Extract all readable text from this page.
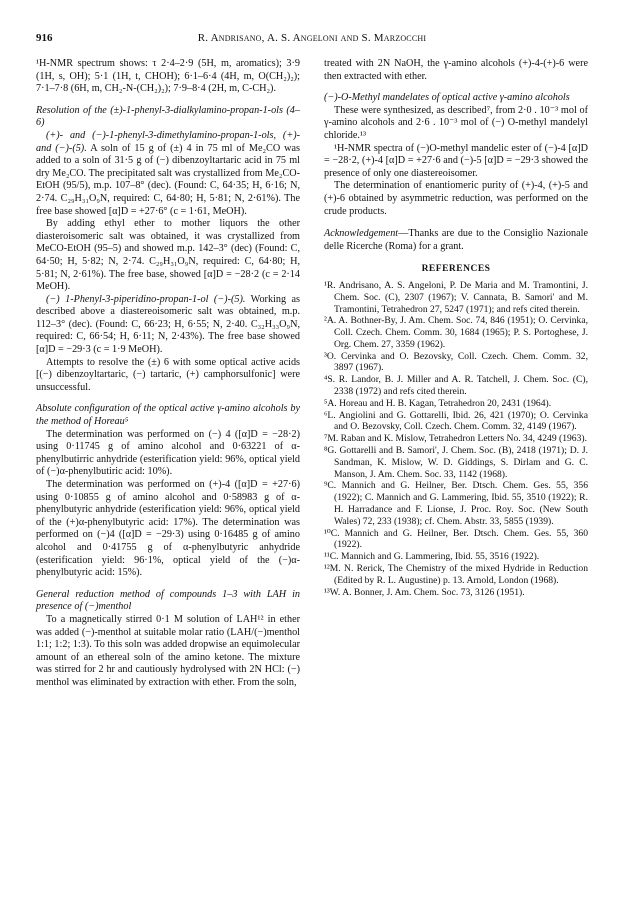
916	R. Andrisano, A. S. Angeloni and S. Marzocchi

¹H-NMR spectrum shows: τ 2·4–2·9 (5H, m, aromatics); 3·9 (1H, s, OH); 5·1 (1H, t, CHOH); 6·1–6·4 (4H, m, O(CH₂)₂); 7·1–7·8 (6H, m, CH₂-N-(CH₂)₂); 7·9–8·4 (2H, m, C-CH₂).

Resolution of the (±)-1-phenyl-3-dialkylamino-propan-1-ols (4–6)

(+)- and (−)-1-phenyl-3-dimethylamino-propan-1-ols, (+)- and (−)-(5). A soln of 15 g of (±) 4 in 75 ml of Me₂CO was added to a soln of 31·5 g of (−) dibenzoyltartaric acid in 75 ml dry Me₂CO. The precipitated salt was crystallized from Me₂CO-EtOH (95/5), m.p. 107–8° (dec). (Found: C, 64·35; H, 6·16; N, 2·74. C₂₉H₃₁O₉N, required: C, 64·80; H, 5·81; N, 2·61%). The free base showed [α]D = +27·6° (c = 1·61, MeOH).

By adding ethyl ether to mother liquors the other diasteroisomeric salt was obtained, it was crystallized from MeCO-EtOH (95–5) and showed m.p. 142–3° (dec) (Found: C, 64·50; H, 5·82; N, 2·74. C₂₉H₃₁O₉N, required: C, 64·80; H, 5·81; N, 2·61%). The free base, showed [α]D = −28·2 (c = 2·14 MeOH).

(−) 1-Phenyl-3-piperidino-propan-1-ol (−)-(5). Working as described above a diastereoisomeric salt was obtained, m.p. 112–3° (dec). (Found: C, 66·23; H, 6·55; N, 2·40. C₃₂H₃₃O₉N, required: C, 66·54; H, 6·11; N, 2·43%). The free base showed [α]D = −29·3 (c = 1·9 MeOH).

Attempts to resolve the (±) 6 with some optical active acids [(−) dibenzoyltartaric, (−) tartaric, (+) camphorsulfonic] were unsuccessful.

Absolute configuration of the optical active γ-amino alcohols by the method of Horeau⁵

The determination was performed on (−) 4 ([α]D = −28·2) using 0·11745 g of amino alcohol and 0·63221 of α-phenylbutirric anhydride (esterification yield: 96%, optical yield of (−)α-phenylbutiric acid: 10%).

The determination was performed on (+)-4 ([α]D = +27·6) using 0·10855 g of amino alcohol and 0·58983 g of α-phenylbutyric anhydride (esterification yield: 96%, optical yield of the (+)α-phenylbutyric acid: 17%). The determination was performed on (−)4 ([α]D = −29·3) using 0·16485 g of amino alcohol and 0·41755 g of α-phenylbutyric anhydride (esterification yield: 96·1%, optical yield of the (−)α-phenylbutyric acid: 15%).

General reduction method of compounds 1–3 with LAH in presence of (−)menthol

To a magnetically stirred 0·1 M solution of LAH¹² in ether was added (−)-menthol at suitable molar ratio (LAH/(−)menthol 1:1; 1:2; 1:3). To this soln was added dropwise an equimolecular amount of an ethereal soln of the amino ketone. The mixture was stirred for 2 hr and cautiously hydrolysed with 2N HCl: (−) menthol was eliminated by extraction with ether. From the soln,

treated with 2N NaOH, the γ-amino alcohols (+)-4-(+)-6 were then extracted with ether.

(−)-O-Methyl mandelates of optical active γ-amino alcohols

These were synthesized, as described⁷, from 2·0 . 10⁻³ mol of γ-amino alcohols and 2·6 . 10⁻³ mol of (−) O-methyl mandelyl chloride.¹³

¹H-NMR spectra of (−)O-methyl mandelic ester of (−)-4 [α]D = −28·2, (+)-4 [α]D = +27·6 and (−)-5 [α]D = −29·3 showed the presence of only one diastereoisomer.

The determination of enantiomeric purity of (+)-4, (+)-5 and (+)-6 obtained by asymmetric reduction, was performed on the crude products.

Acknowledgement—Thanks are due to the Consiglio Nazionale delle Ricerche (Roma) for a grant.

REFERENCES

¹R. Andrisano, A. S. Angeloni, P. De Maria and M. Tramontini, J. Chem. Soc. (C), 2307 (1967); V. Cannata, B. Samori' and M. Tramontini, Tetrahedron 27, 5247 (1971); and refs cited therein.

²A. A. Bothner-By, J. Am. Chem. Soc. 74, 846 (1951); O. Cervinka, Coll. Czech. Chem. Comm. 30, 1684 (1965); P. S. Portoghese, J. Org. Chem. 27, 3359 (1962).

³O. Cervinka and O. Bezovsky, Coll. Czech. Chem. Comm. 32, 3897 (1967).

⁴S. R. Landor, B. J. Miller and A. R. Tatchell, J. Chem. Soc. (C), 2338 (1972) and refs cited therein.

⁵A. Horeau and H. B. Kagan, Tetrahedron 20, 2431 (1964).

⁶L. Angiolini and G. Gottarelli, Ibid. 26, 421 (1970); O. Cervinka and O. Bezovsky, Coll. Czech. Chem. Comm. 32, 4149 (1967).

⁷M. Raban and K. Mislow, Tetrahedron Letters No. 34, 4249 (1963).

⁸G. Gottarelli and B. Samori', J. Chem. Soc. (B), 2418 (1971); D. J. Sandman, K. Mislow, W. D. Giddings, S. Dirlam and G. C. Manson, J. Am. Chem. Soc. 33, 1142 (1968).

⁹C. Mannich and G. Heilner, Ber. Dtsch. Chem. Ges. 55, 356 (1922); C. Mannich and G. Lammering, Ibid. 55, 3510 (1922); R. H. Harradance and F. Lionse, J. Proc. Roy. Soc. (New South Wales) 72, 233 (1938); cf. Chem. Abstr. 33, 5855 (1939).

¹⁰C. Mannich and G. Heilner, Ber. Dtsch. Chem. Ges. 55, 360 (1922).

¹¹C. Mannich and G. Lammering, Ibid. 55, 3516 (1922).

¹²M. N. Rerick, The Chemistry of the mixed Hydride in Reduction (Edited by R. L. Augustine) p. 13. Arnold, London (1968).

¹³W. A. Bonner, J. Am. Chem. Soc. 73, 3126 (1951).
